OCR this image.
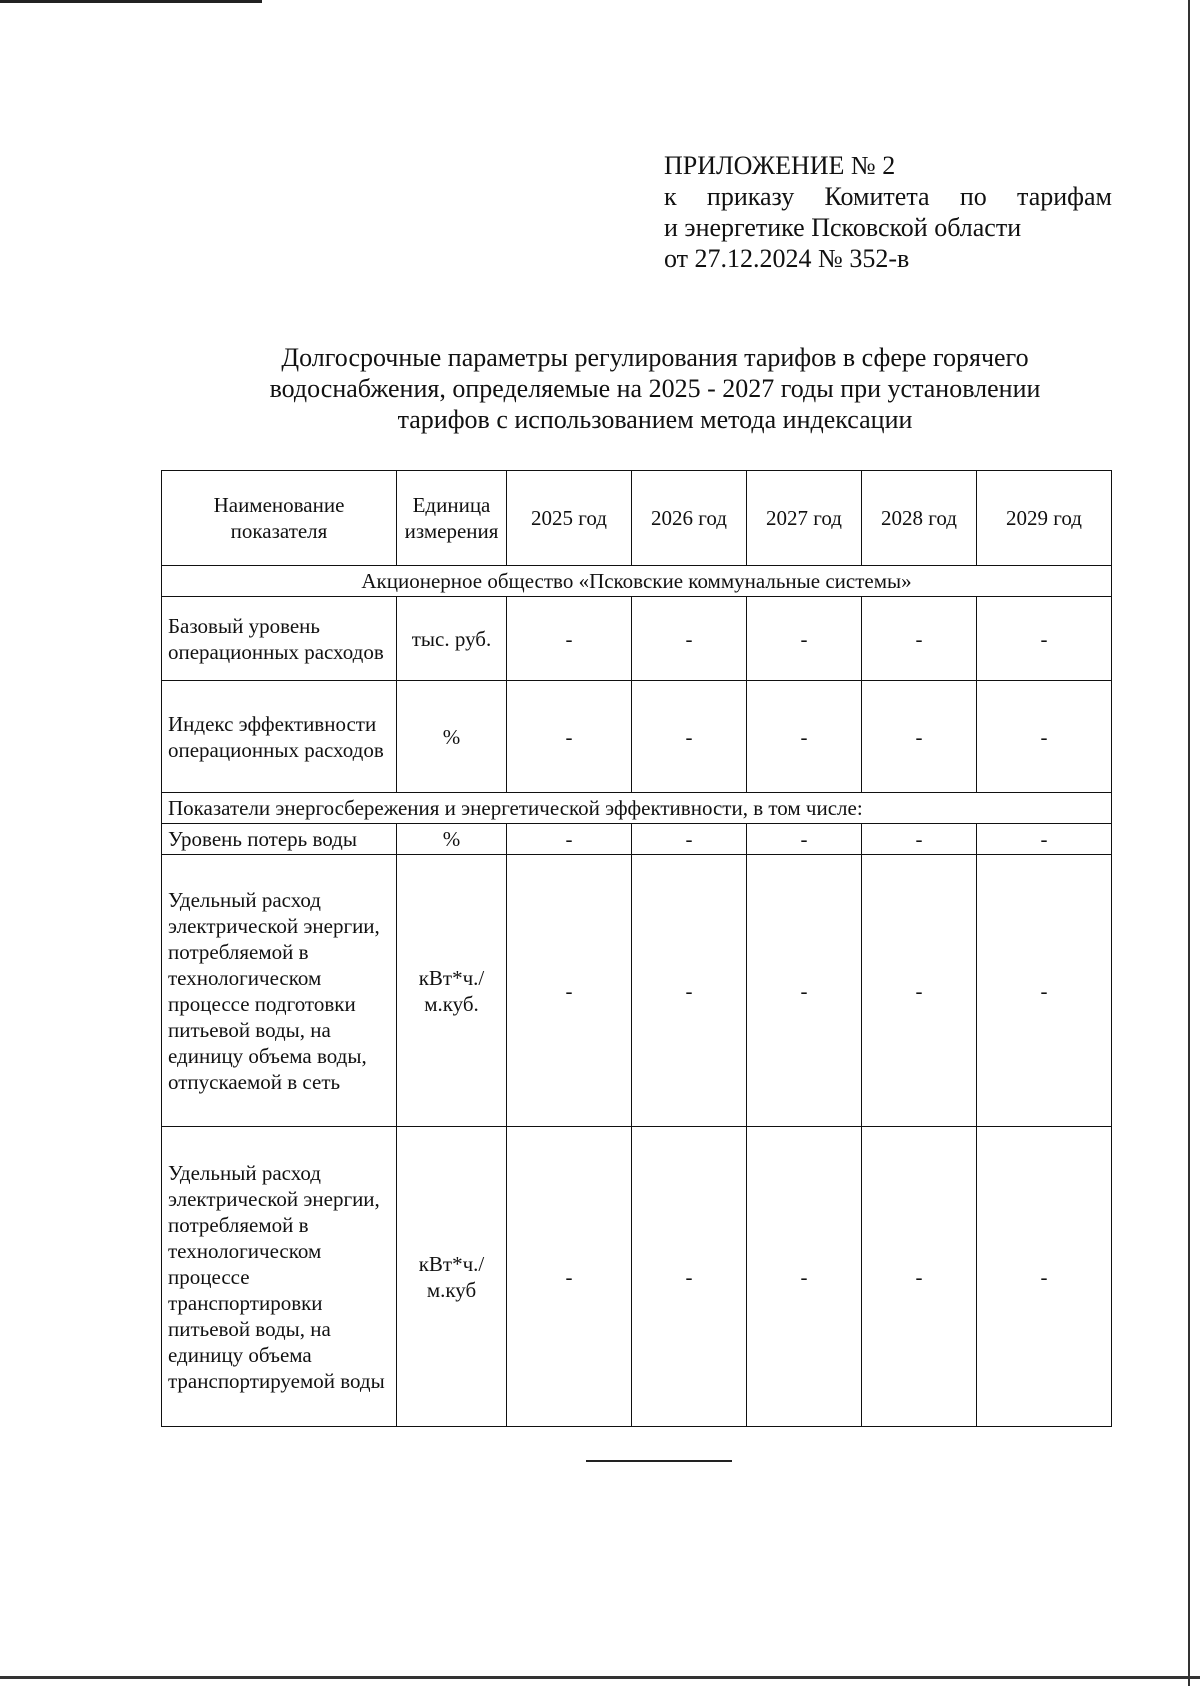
ПРИЛОЖЕНИЕ № 2
к приказу Комитета по тарифам
и энергетике Псковской области
от 27.12.2024 № 352-в
Долгосрочные параметры регулирования тарифов в сфере горячего
водоснабжения, определяемые на 2025 - 2027 годы при установлении
тарифов с использованием метода индексации
Наименование показателя	Единица измерения	2025 год	2026 год	2027 год	2028 год	2029 год
Акционерное общество «Псковские коммунальные системы»						
Базовый уровень операционных расходов	тыс. руб.	-	-	-	-	-
Индекс эффективности операционных расходов	%	-	-	-	-	-
Показатели энергосбережения и энергетической эффективности, в том числе:						
Уровень потерь воды	%	-	-	-	-	-
Удельный расход электрической энергии, потребляемой в технологическом процессе подготовки питьевой воды, на единицу объема воды, отпускаемой в сеть	кВт*ч./м.куб.	-	-	-	-	-
Удельный расход электрической энергии, потребляемой в технологическом процессе транспортировки питьевой воды, на единицу объема транспортируемой воды	кВт*ч./м.куб	-	-	-	-	-
